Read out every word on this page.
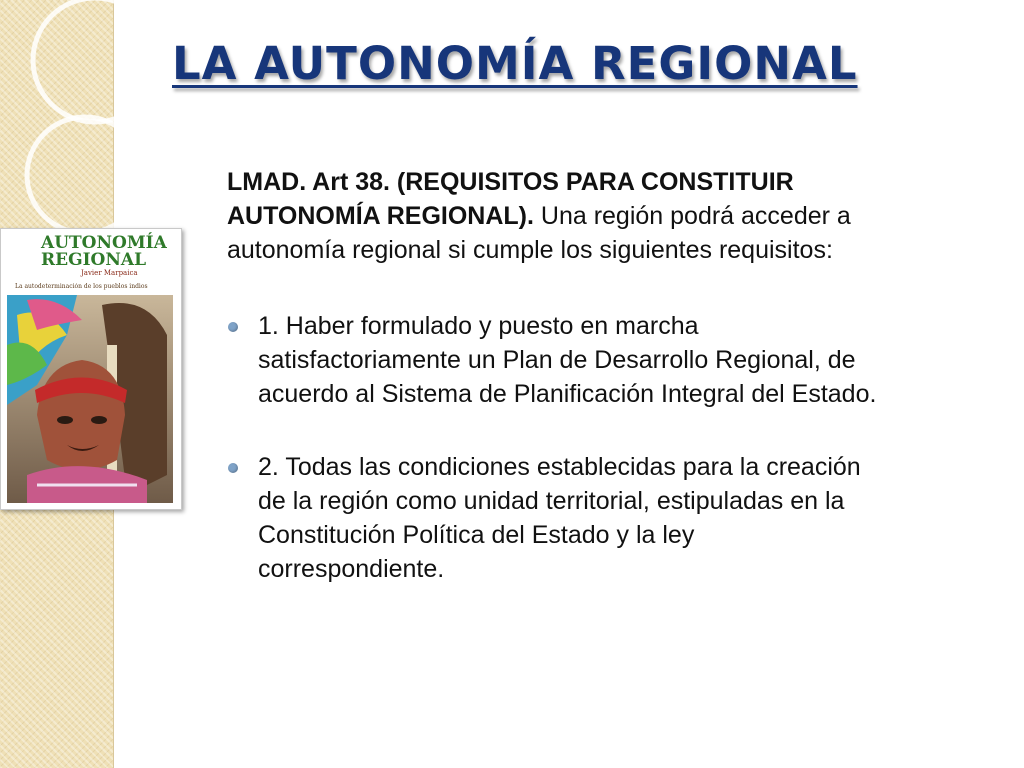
LA AUTONOMÍA REGIONAL
AUTONOMÍA
REGIONAL
Javier Marpaica
La autodeterminación de los pueblos indios

LMAD. Art 38. (REQUISITOS PARA CONSTITUIR AUTONOMÍA REGIONAL). Una región podrá acceder a autonomía regional si cumple los siguientes requisitos:

1. Haber formulado y puesto en marcha satisfactoriamente un Plan de Desarrollo Regional, de acuerdo al Sistema de Planificación Integral del Estado.
2. Todas las condiciones establecidas para la creación de la región como unidad territorial, estipuladas en la Constitución Política del Estado y la ley correspondiente.
